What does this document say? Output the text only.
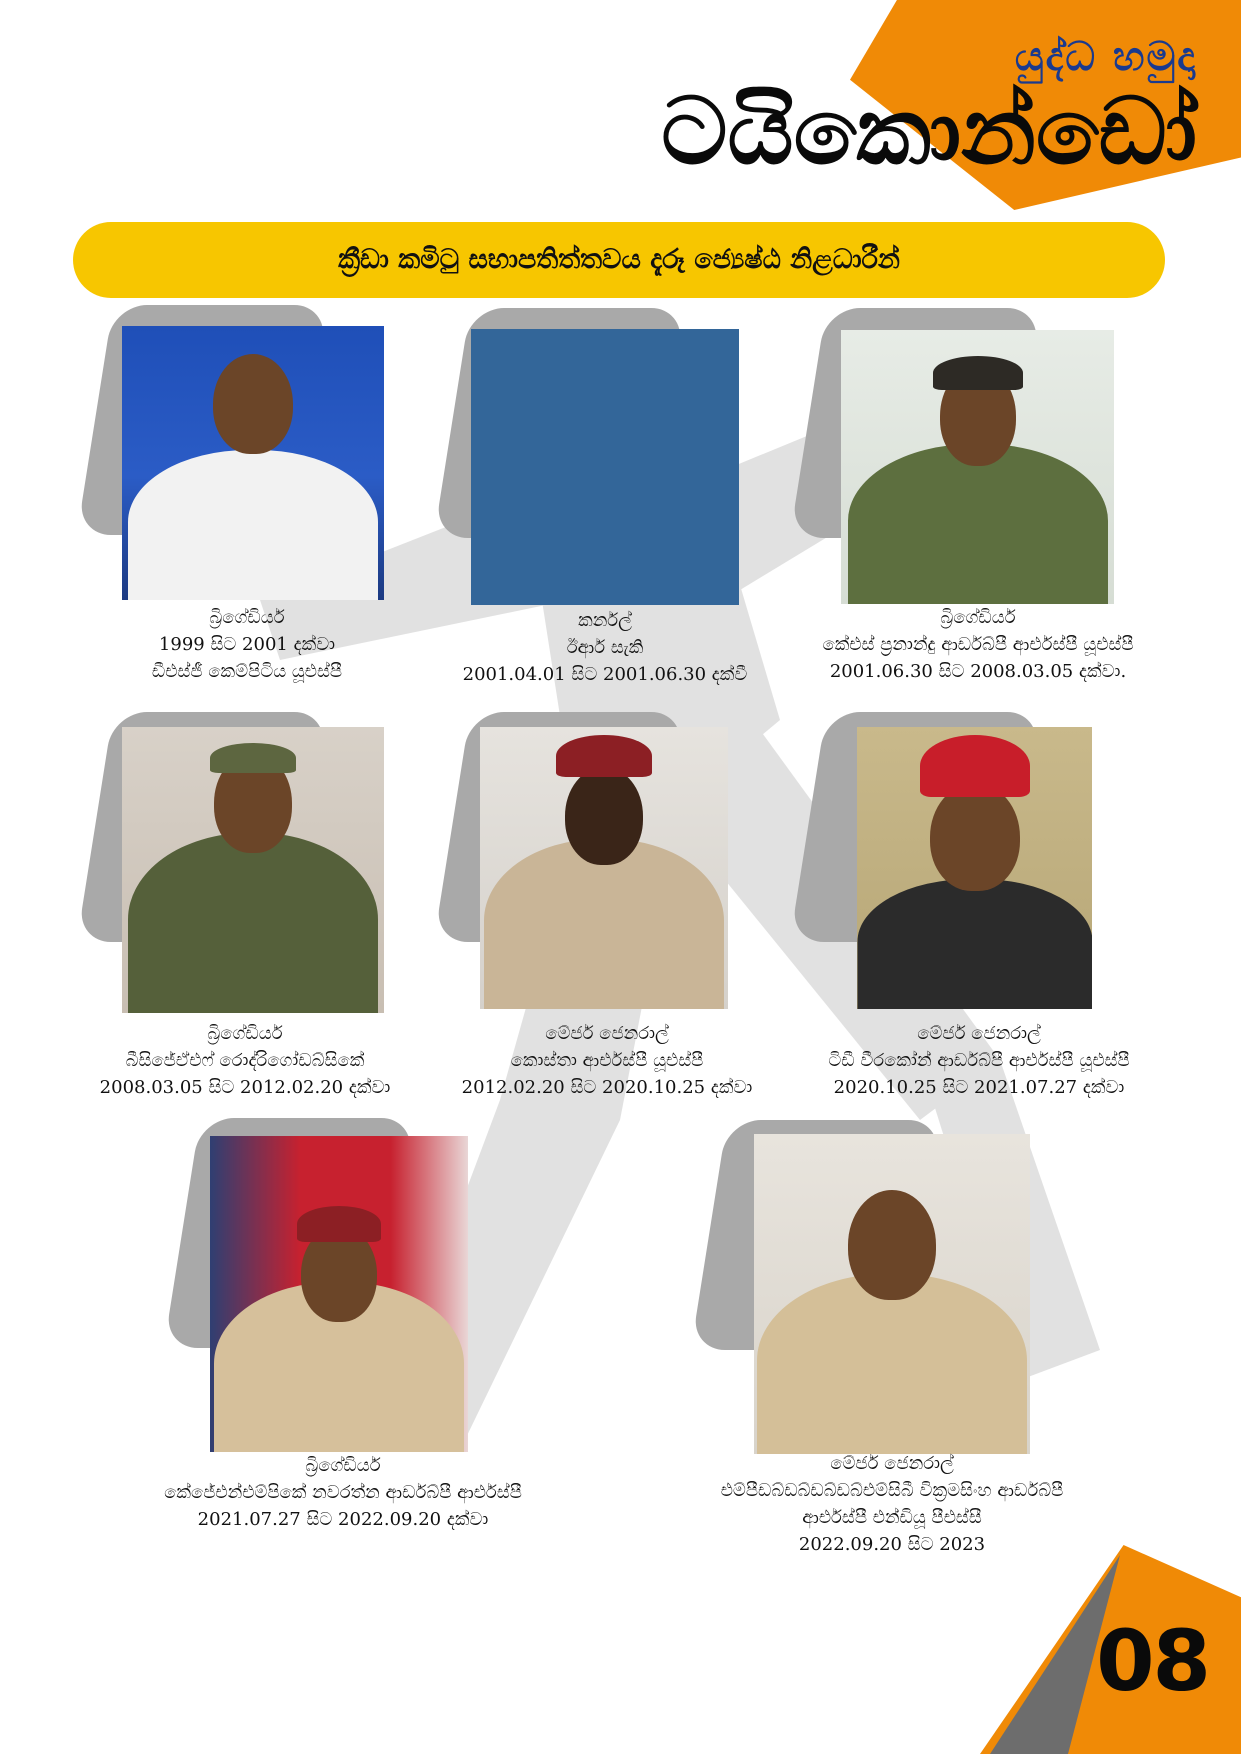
යුද්ධ හමුදා
ටයිකොන්ඩෝ
ක්‍රීඩා කමිටු සභාපතිත්තවය දැරූ ජ්‍යෙෂ්ඨ නිළධාරීන්
බ්‍රිගේඩියර්
1999 සිට 2001 දක්වා
ඩීඑස්ජී කෙම්පිටිය යූඑස්පී
කර්නල්
ඊආර් සැකි
2001.04.01 සිට 2001.06.30 දක්වී
බ්‍රිගේඩියර්
කේඑස් ප්‍රනාන්දු ආර්ඩබ්පී ආර්එස්පී යූඑස්පී
2001.06.30 සිට 2008.03.05 දක්වා.
බ්‍රිගේඩියර්
බීසිජේඒඑෆ් රොද්රිගෝඩබ්සිකේ
2008.03.05 සිට 2012.02.20 දක්වා
මේජර් ජෙනරාල්
කොස්තා ආර්එස්පී යූඑස්පී
2012.02.20 සිට 2020.10.25 දක්වා
මේජර් ජෙනරාල්
ටිඩී වීරකෝන් ආර්ඩබ්පී ආර්එස්පී යූඑස්පී
2020.10.25 සිට 2021.07.27 දක්වා
බ්‍රිගේඩියර්
කේජේඑන්එම්පිකේ නවරත්න ආර්ඩබ්පී ආර්එස්පී
2021.07.27 සිට 2022.09.20 දක්වා
මේජර් ජෙනරාල්
එම්පීඩබ්ඩබ්ඩබ්ඩබ්එම්සිබී වික්‍රමසිංහ ආර්ඩබ්පී
ආර්එස්පී එන්ඩියූ පීඑස්සී
2022.09.20 සිට 2023
08
